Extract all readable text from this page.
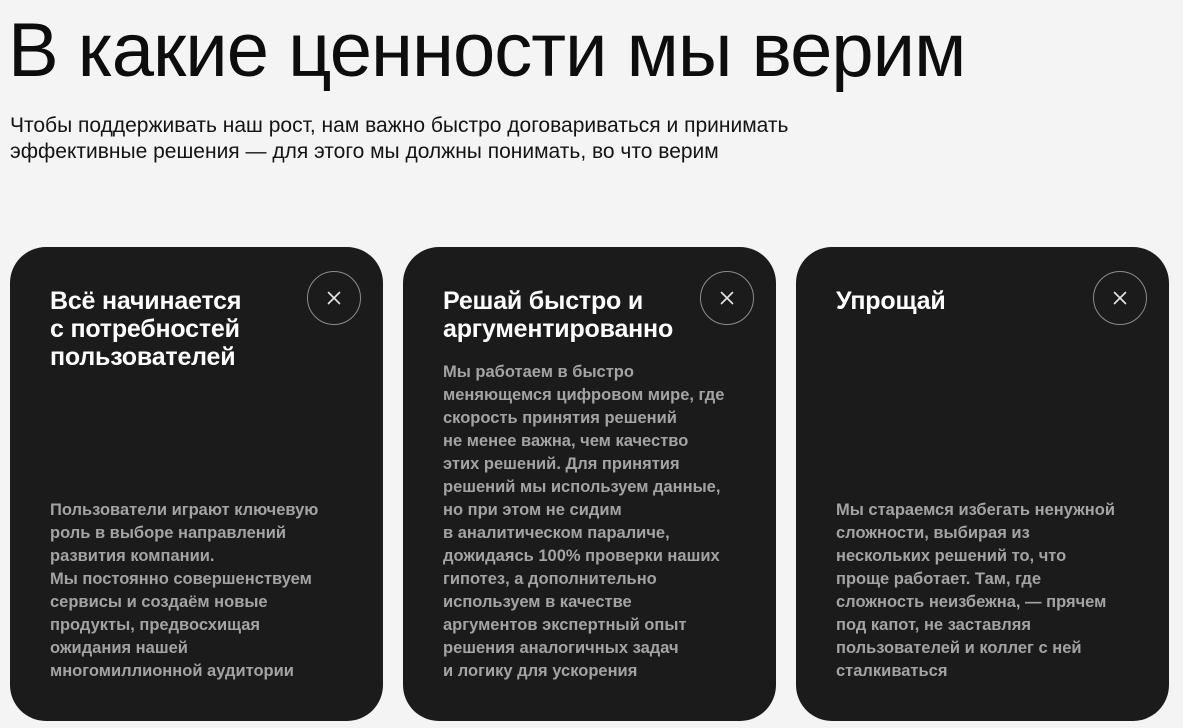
В какие ценности мы верим

Чтобы поддерживать наш рост, нам важно быстро договариваться и принимать
эффективные решения — для этого мы должны понимать, во что верим

Всё начинается
с потребностей
пользователей

Пользователи играют ключевую
роль в выборе направлений
развития компании.
Мы постоянно совершенствуем
сервисы и создаём новые
продукты, предвосхищая
ожидания нашей
многомиллионной аудитории

Решай быстро и
аргументированно

Мы работаем в быстро
меняющемся цифровом мире, где
скорость принятия решений
не менее важна, чем качество
этих решений. Для принятия
решений мы используем данные,
но при этом не сидим
в аналитическом параличе,
дожидаясь 100% проверки наших
гипотез, а дополнительно
используем в качестве
аргументов экспертный опыт
решения аналогичных задач
и логику для ускорения

Упрощай

Мы стараемся избегать ненужной
сложности, выбирая из
нескольких решений то, что
проще работает. Там, где
сложность неизбежна, — прячем
под капот, не заставляя
пользователей и коллег с ней
сталкиваться
